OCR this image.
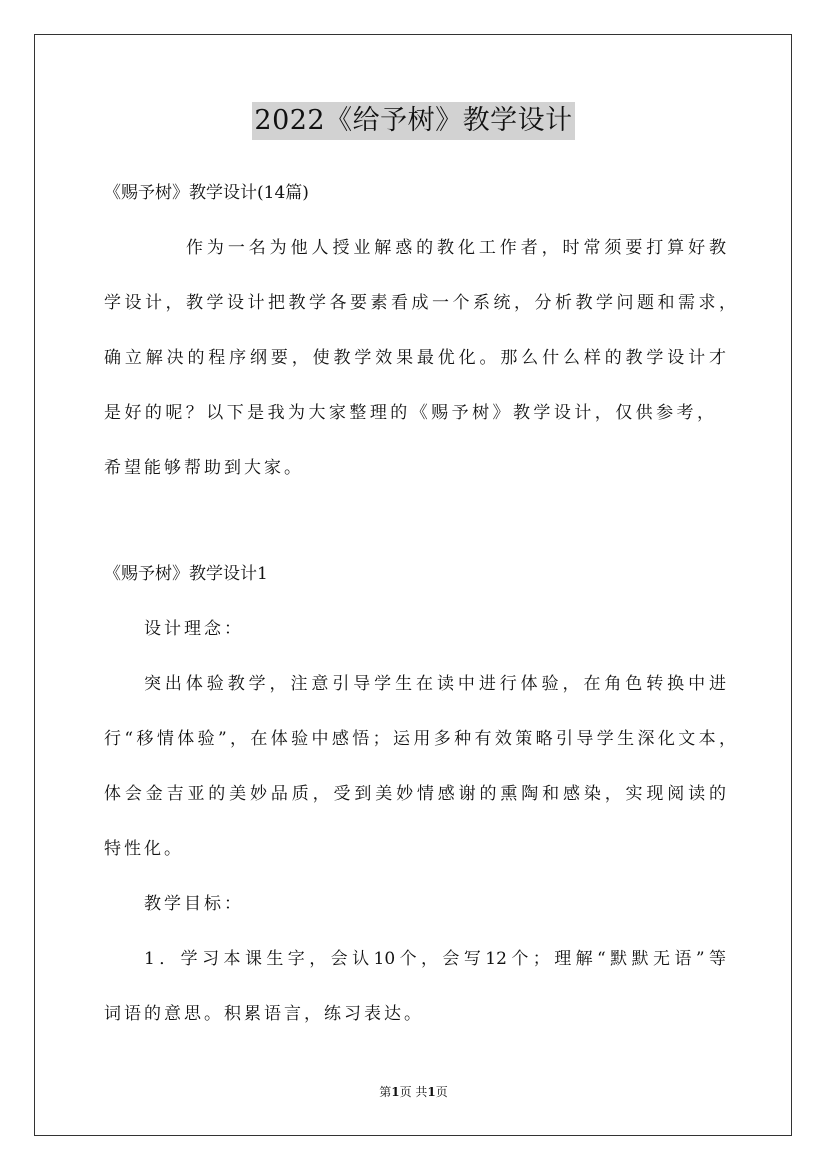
2022《给予树》教学设计
《赐予树》教学设计(14篇)
作为一名为他人授业解惑的教化工作者，时常须要打算好教
学设计，教学设计把教学各要素看成一个系统，分析教学问题和需求，
确立解决的程序纲要，使教学效果最优化。那么什么样的教学设计才
是好的呢？以下是我为大家整理的《赐予树》教学设计，仅供参考，
希望能够帮助到大家。
《赐予树》教学设计1
设计理念：
突出体验教学，注意引导学生在读中进行体验，在角色转换中进
行“移情体验”，在体验中感悟；运用多种有效策略引导学生深化文本，
体会金吉亚的美妙品质，受到美妙情感谢的熏陶和感染，实现阅读的
特性化。
教学目标：
1．学习本课生字，会认10个，会写12个；理解“默默无语”等
词语的意思。积累语言，练习表达。
第1页 共1页
